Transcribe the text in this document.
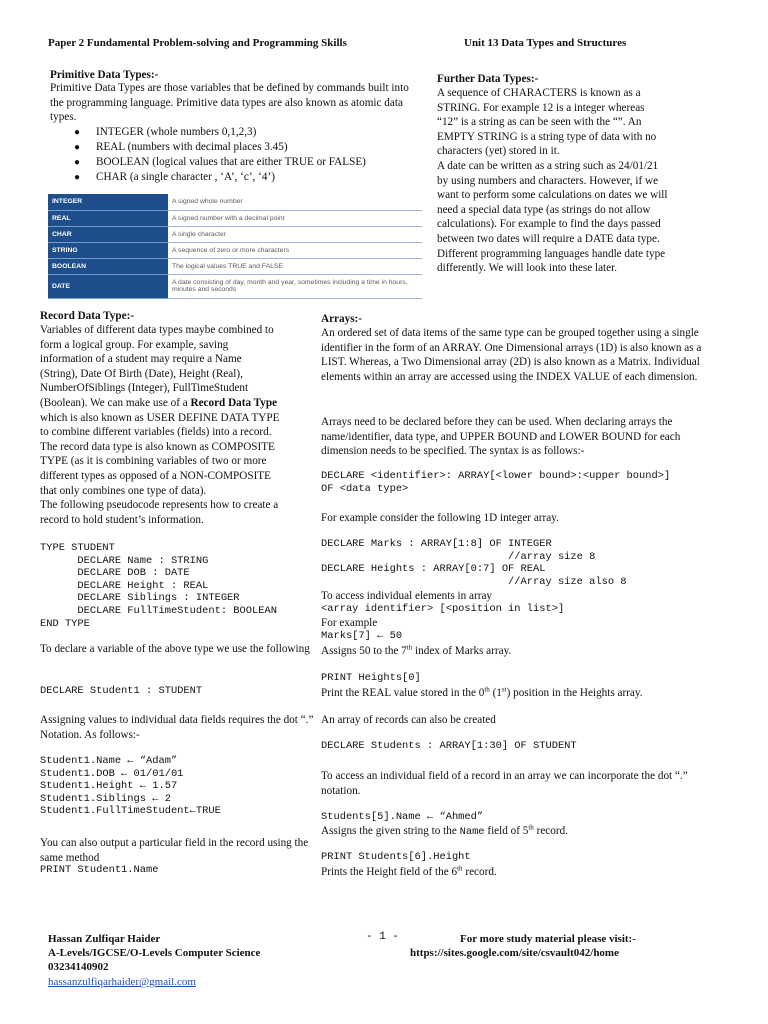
Paper 2 Fundamental Problem-solving and Programming Skills	Unit 13 Data Types and Structures
Primitive Data Types:-
Primitive Data Types are those variables that be defined by commands built into the programming language. Primitive data types are also known as atomic data types.
● INTEGER (whole numbers 0,1,2,3)
● REAL (numbers with decimal places 3.45)
● BOOLEAN (logical values that are either TRUE or FALSE)
● CHAR (a single character , ‘A’, ‘c’, ‘4’)
INTEGER	A signed whole number
REAL	A signed number with a decimal point
CHAR	A single character
STRING	A sequence of zero or more characters
BOOLEAN	The logical values TRUE and FALSE
DATE	A date consisting of day, month and year, sometimes including a time in hours, minutes and seconds
Further Data Types:-
A sequence of CHARACTERS is known as a
STRING. For example 12 is a integer whereas
“12” is a string as can be seen with the “”. An
EMPTY STRING is a string type of data with no
characters (yet) stored in it.
A date can be written as a string such as 24/01/21
by using numbers and characters. However, if we
want to perform some calculations on dates we will
need a special data type (as strings do not allow
calculations). For example to find the days passed
between two dates will require a DATE data type.
Different programming languages handle date type
differently. We will look into these later.
Record Data Type:-
Variables of different data types maybe combined to
form a logical group. For example, saving
information of a student may require a Name
(String), Date Of Birth (Date), Height (Real),
NumberOfSiblings (Integer), FullTimeStudent
(Boolean). We can make use of a Record Data Type
which is also known as USER DEFINE DATA TYPE
to combine different variables (fields) into a record.
The record data type is also known as COMPOSITE
TYPE (as it is combining variables of two or more
different types as opposed of a NON-COMPOSITE
that only combines one type of data).
The following pseudocode represents how to create a
record to hold student’s information.
TYPE STUDENT
DECLARE Name : STRING
DECLARE DOB : DATE
DECLARE Height : REAL
DECLARE Siblings : INTEGER
DECLARE FullTimeStudent: BOOLEAN
END TYPE
To declare a variable of the above type we use the following
DECLARE Student1 : STUDENT
Assigning values to individual data fields requires the dot “.” Notation. As follows:-
Student1.Name ← “Adam”
Student1.DOB ← 01/01/01
Student1.Height ← 1.57
Student1.Siblings ← 2
Student1.FullTimeStudent←TRUE
You can also output a particular field in the record using the same method
PRINT Student1.Name
Arrays:-
An ordered set of data items of the same type can be grouped together using a single identifier in the form of an ARRAY. One Dimensional arrays (1D) is also known as a LIST. Whereas, a Two Dimensional array (2D) is also known as a Matrix. Individual elements within an array are accessed using the INDEX VALUE of each dimension.
Arrays need to be declared before they can be used. When declaring arrays the name/identifier, data type, and UPPER BOUND and LOWER BOUND for each dimension needs to be specified. The syntax is as follows:-
DECLARE <identifier>: ARRAY[<lower bound>:<upper bound>]
OF <data type>
For example consider the following 1D integer array.
DECLARE Marks : ARRAY[1:8] OF INTEGER
//array size 8
DECLARE Heights : ARRAY[0:7] OF REAL
//Array size also 8
To access individual elements in array
<array identifier> [<position in list>]
For example
Marks[7] ← 50
Assigns 50 to the 7th index of Marks array.
PRINT Heights[0]
Print the REAL value stored in the 0th (1st) position in the Heights array.
An array of records can also be created
DECLARE Students : ARRAY[1:30] OF STUDENT
To access an individual field of a record in an array we can incorporate the dot “.” notation.
Students[5].Name ← “Ahmed”
Assigns the given string to the Name field of 5th record.
PRINT Students[6].Height
Prints the Height field of the 6th record.
Hassan Zulfiqar Haider
A-Levels/IGCSE/O-Levels Computer Science
03234140902
hassanzulfiqarhaider@gmail.com
- 1 -	For more study material please visit:-
https://sites.google.com/site/csvault042/home
